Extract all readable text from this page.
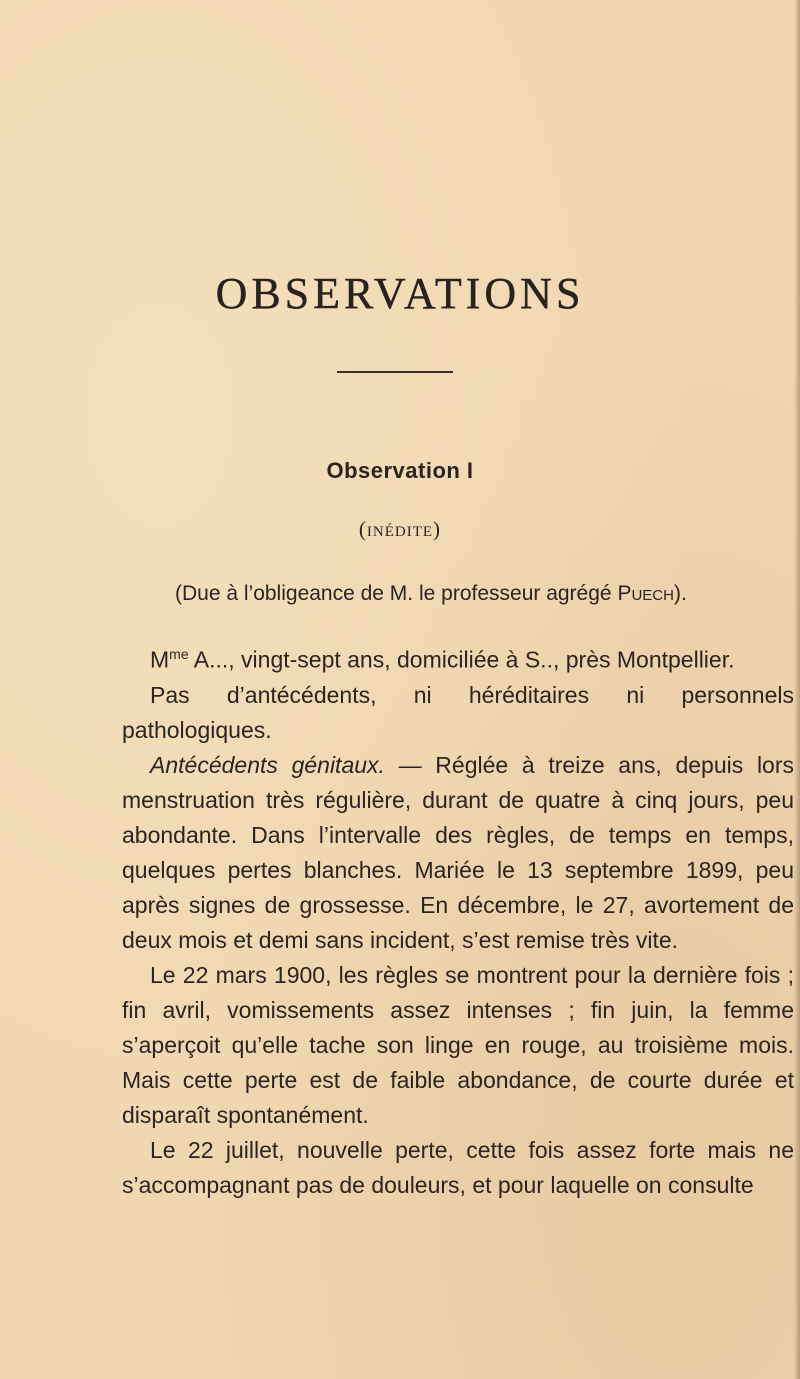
OBSERVATIONS
Observation I
(inédite)
(Due à l’obligeance de M. le professeur agrégé Puech).

$M^{me}$ A..., vingt-sept ans, domiciliée à S.., près Montpellier.

Pas d’antécédents, ni héréditaires ni personnels pathologiques.

Antécédents génitaux. — Réglée à treize ans, depuis lors menstruation très régulière, durant de quatre à cinq jours, peu abondante. Dans l’intervalle des règles, de temps en temps, quelques pertes blanches. Mariée le 13 septembre 1899, peu après signes de grossesse. En décembre, le 27, avortement de deux mois et demi sans incident, s’est remise très vite.

Le 22 mars 1900, les règles se montrent pour la dernière fois ; fin avril, vomissements assez intenses ; fin juin, la femme s’aperçoit qu’elle tache son linge en rouge, au troisième mois. Mais cette perte est de faible abondance, de courte durée et disparaît spontanément.

Le 22 juillet, nouvelle perte, cette fois assez forte mais ne s’accompagnant pas de douleurs, et pour laquelle on consulte
